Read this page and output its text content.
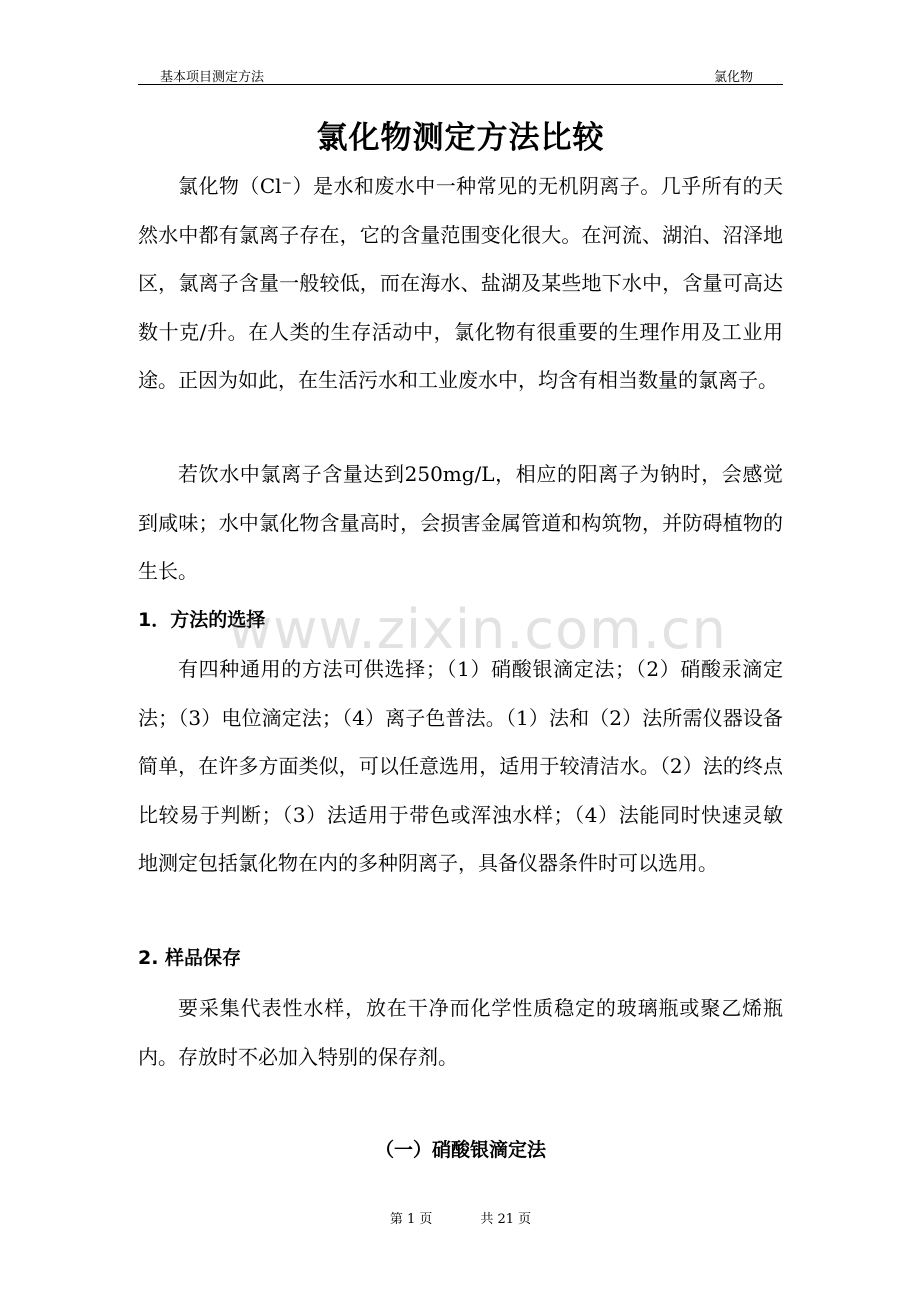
基本项目测定方法	氯化物
氯化物测定方法比较

氯化物（Cl⁻）是水和废水中一种常见的无机阴离子。几乎所有的天然水中都有氯离子存在，它的含量范围变化很大。在河流、湖泊、沼泽地区，氯离子含量一般较低，而在海水、盐湖及某些地下水中，含量可高达数十克/升。在人类的生存活动中，氯化物有很重要的生理作用及工业用途。正因为如此，在生活污水和工业废水中，均含有相当数量的氯离子。

若饮水中氯离子含量达到250mg/L，相应的阳离子为钠时，会感觉到咸味；水中氯化物含量高时，会损害金属管道和构筑物，并防碍植物的生长。

1．方法的选择

有四种通用的方法可供选择；（1）硝酸银滴定法；（2）硝酸汞滴定法；（3）电位滴定法；（4）离子色普法。（1）法和（2）法所需仪器设备简单，在许多方面类似，可以任意选用，适用于较清洁水。（2）法的终点比较易于判断；（3）法适用于带色或浑浊水样；（4）法能同时快速灵敏地测定包括氯化物在内的多种阴离子，具备仪器条件时可以选用。

2. 样品保存

要采集代表性水样，放在干净而化学性质稳定的玻璃瓶或聚乙烯瓶内。存放时不必加入特别的保存剂。

（一）硝酸银滴定法
www.zixin.com.cn
第 1 页	共 21 页
